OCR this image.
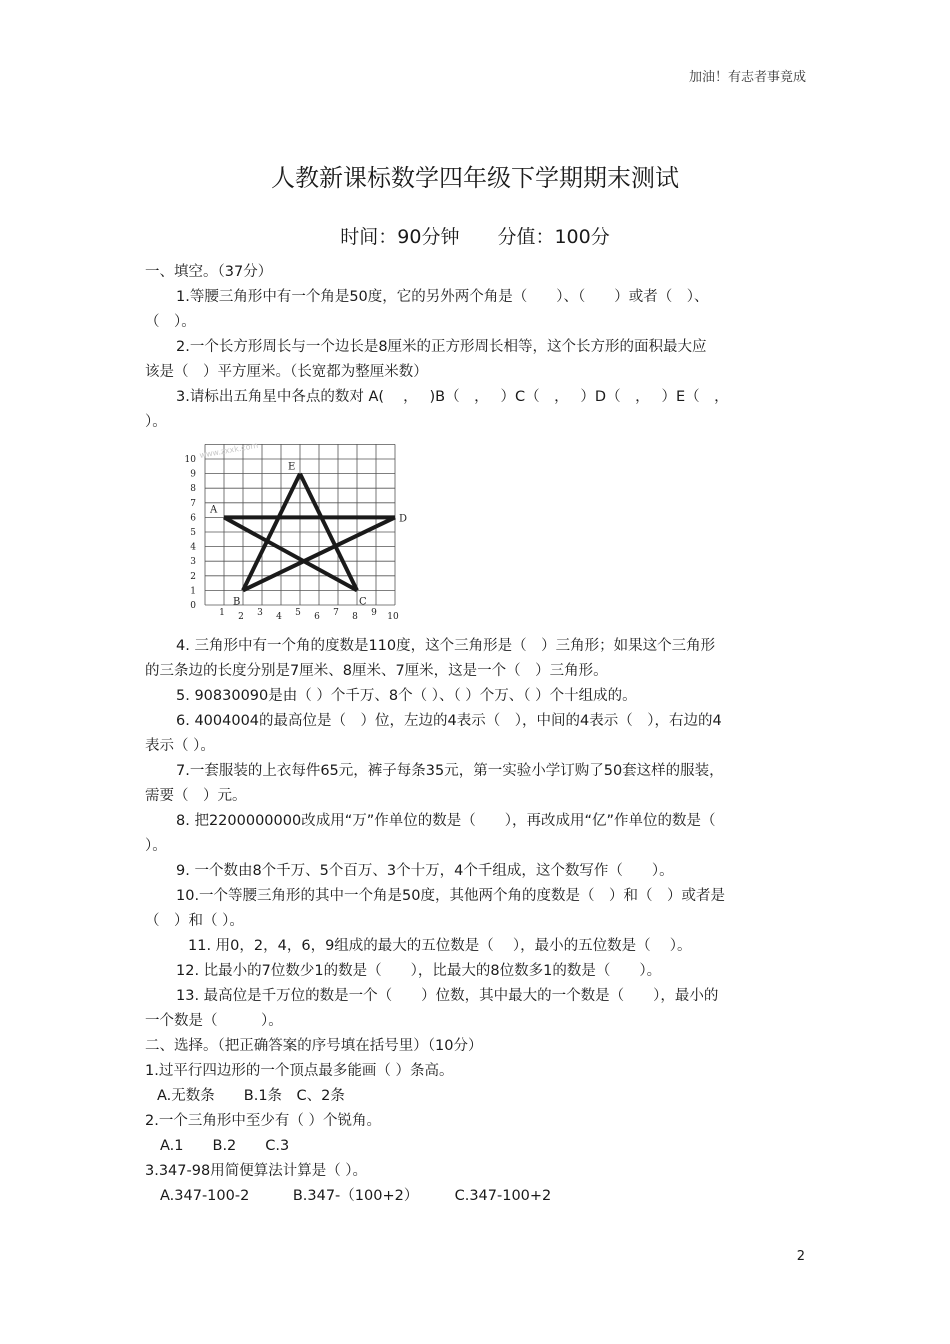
加油！有志者事竟成
人教新课标数学四年级下学期期末测试
时间：90分钟　　分值：100分
一、填空。（37分）
1.等腰三角形中有一个角是50度，它的另外两个角是（　　）、（　　）或者（　）、
（　）。
2.一个长方形周长与一个边长是8厘米的正方形周长相等，这个长方形的面积最大应
该是（　）平方厘米。（长宽都为整厘米数）
3.请标出五角星中各点的数对 A(　 ，　 )B（　，　 ）C（　，　 ）D（　，　 ）E（　，
）。
www.zxxk.com
10
9
8
7
6
5
4
3
2
1
0
1 2 3 4 5 6 7 8 9 10
A
B	C
D
E
4. 三角形中有一个角的度数是110度，这个三角形是（　）三角形；如果这个三角形
的三条边的长度分别是7厘米、8厘米、7厘米，这是一个（　）三角形。
5. 90830090是由（ ）个千万、8个（ ）、（ ）个万、（ ）个十组成的。
6. 4004004的最高位是（　）位，左边的4表示（　），中间的4表示（　），右边的4
表示（ ）。
7.一套服装的上衣每件65元，裤子每条35元，第一实验小学订购了50套这样的服装，
需要（　）元。
8. 把2200000000改成用“万”作单位的数是（　　），再改成用“亿”作单位的数是（
）。
9. 一个数由8个千万、5个百万、3个十万，4个千组成，这个数写作（　　）。
10.一个等腰三角形的其中一个角是50度，其他两个角的度数是（　）和（　）或者是
（　）和（ ）。
11. 用0，2，4，6，9组成的最大的五位数是（　 ），最小的五位数是（　 ）。
12. 比最小的7位数少1的数是（　　），比最大的8位数多1的数是（　　）。
13. 最高位是千万位的数是一个（　　）位数，其中最大的一个数是（　　），最小的
一个数是（　　　）。
二、选择。（把正确答案的序号填在括号里）（10分）
1.过平行四边形的一个顶点最多能画（ ）条高。
A.无数条　　B.1条　C、2条
2.一个三角形中至少有（ ）个锐角。
A.1　　B.2　　C.3
3.347-98用简便算法计算是（ ）。
A.347-100-2　　　B.347-（100+2）　　　C.347-100+2
2
